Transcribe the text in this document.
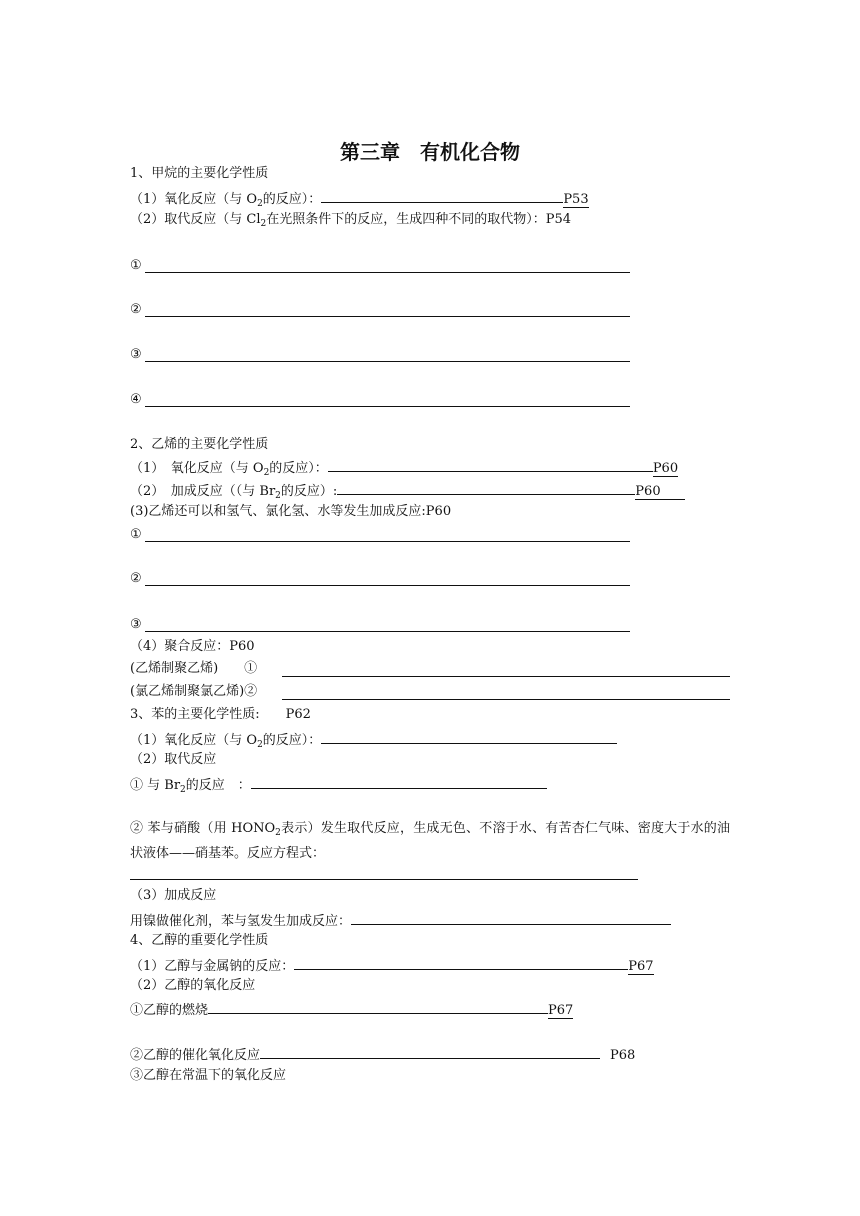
第三章　有机化合物
1、甲烷的主要化学性质
（1）氧化反应（与 $O_2$的反应）：	P53
（2）取代反应（与 $Cl_2$在光照条件下的反应，生成四种不同的取代物）：P54
①
②
③
④
2、乙烯的主要化学性质
（1）　氧化反应（与 $O_2$的反应）：	P60
（2）　加成反应（（与 $Br_2$的反应）:	P60
(3)乙烯还可以和氢气、氯化氢、水等发生加成反应:P60
①
②
③
（4）聚合反应：P60
(乙烯制聚乙烯)　　①
(氯乙烯制聚氯乙烯)②
3、苯的主要化学性质:　　P62
（1）氧化反应（与 $O_2$的反应）：
（2）取代反应
① 与 $Br_2$的反应　：
② 苯与硝酸（用 $HONO_2$表示）发生取代反应，生成无色、不溶于水、有苦杏仁气味、密度大于水的油状液体——硝基苯。反应方程式：
（3）加成反应
用镍做催化剂，苯与氢发生加成反应：
4、乙醇的重要化学性质
（1）乙醇与金属钠的反应：	P67
（2）乙醇的氧化反应
①乙醇的燃烧	P67
②乙醇的催化氧化反应	P68
③乙醇在常温下的氧化反应
